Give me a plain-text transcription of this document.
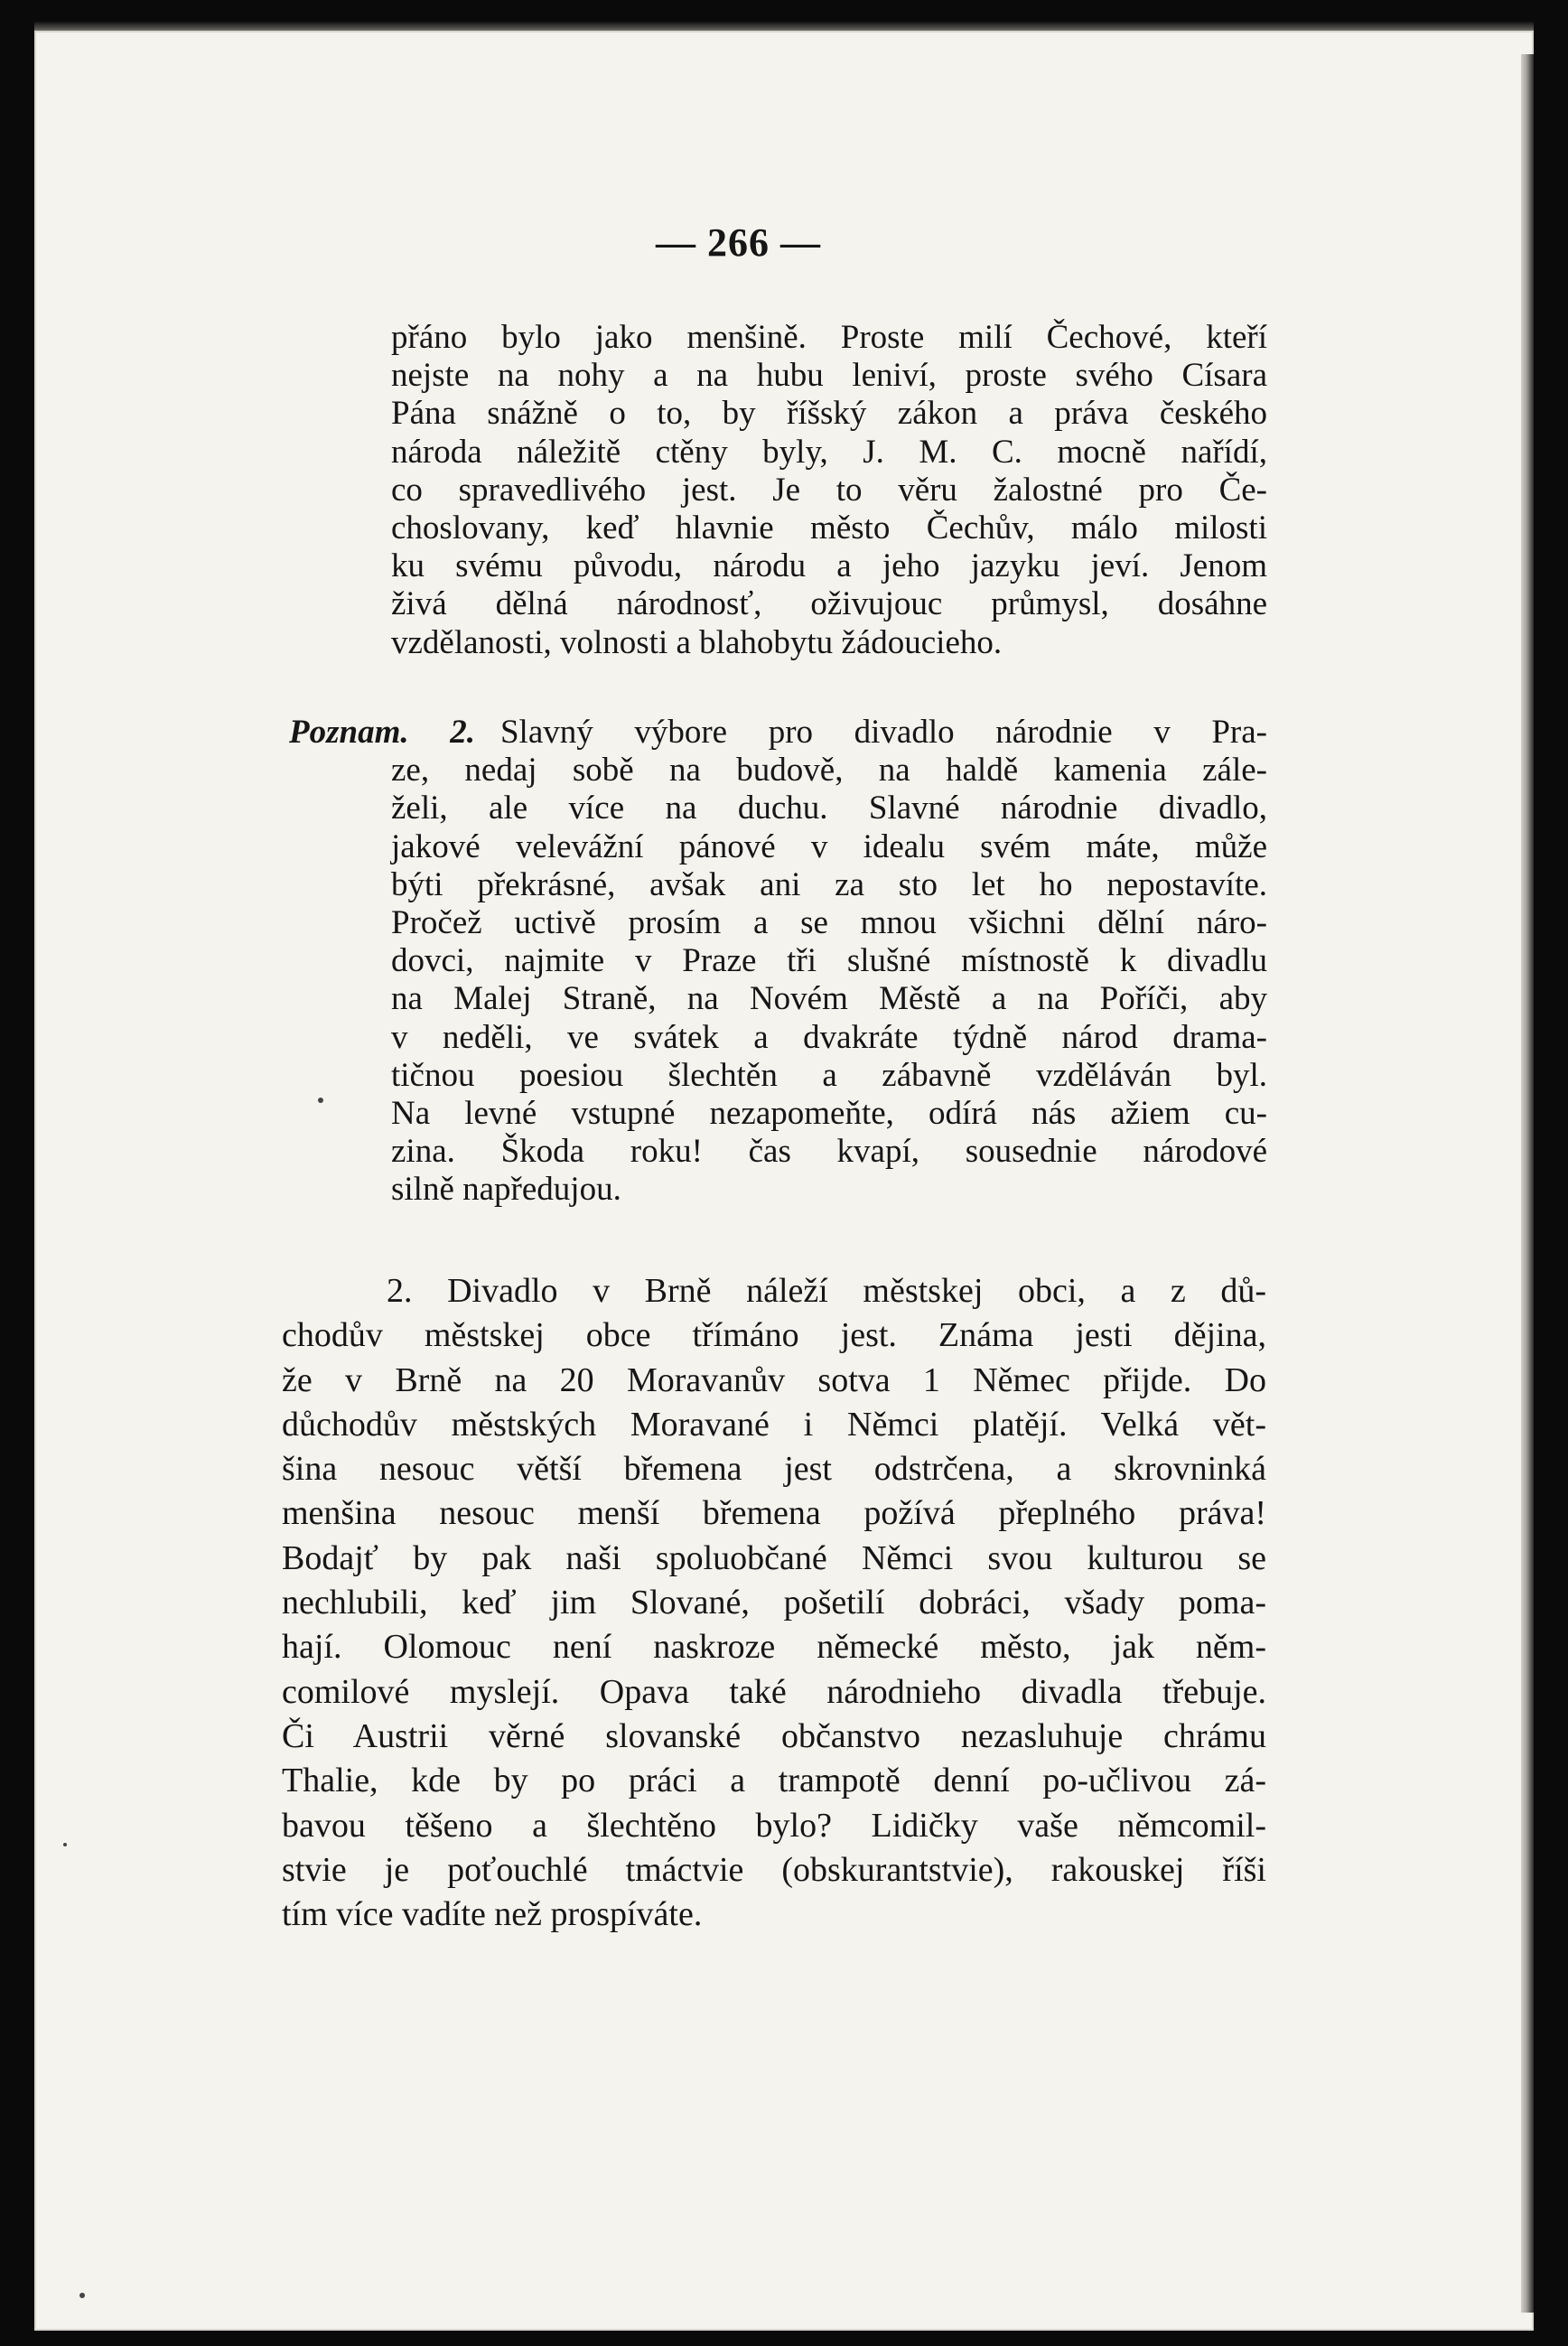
— 266 —
přáno bylo jako menšině. Proste milí Čechové, kteří
nejste na nohy a na hubu leniví, proste svého Císara
Pána snážně o to, by říšský zákon a práva českého
národa náležitě ctěny byly, J. M. C. mocně nařídí,
co spravedlivého jest. Je to věru žalostné pro Če-
choslovany, keď hlavnie město Čechův, málo milosti
ku svému původu, národu a jeho jazyku jeví. Jenom
živá dělná národnosť, oživujouc průmysl, dosáhne
vzdělanosti, volnosti a blahobytu žádoucieho.
Poznam. 2. Slavný výbore pro divadlo národnie v Pra-
ze, nedaj sobě na budově, na haldě kamenia zále-
želi, ale více na duchu. Slavné národnie divadlo,
jakové velevážní pánové v idealu svém máte, může
býti překrásné, avšak ani za sto let ho nepostavíte.
Pročež uctivě prosím a se mnou všichni dělní náro-
dovci, najmite v Praze tři slušné místnostě k divadlu
na Malej Straně, na Novém Městě a na Poříči, aby
v neděli, ve svátek a dvakráte týdně národ drama-
tičnou poesiou šlechtěn a zábavně vzděláván byl.
Na levné vstupné nezapomeňte, odírá nás ažiem cu-
zina. Škoda roku! čas kvapí, sousednie národové
silně napředujou.
2. Divadlo v Brně náleží městskej obci, a z dů-
chodův městskej obce třímáno jest. Známa jesti dějina,
že v Brně na 20 Moravanův sotva 1 Němec přijde. Do
důchodův městských Moravané i Němci platějí. Velká vět-
šina nesouc větší břemena jest odstrčena, a skrovninká
menšina nesouc menší břemena požívá přeplného práva!
Bodajť by pak naši spoluobčané Němci svou kulturou se
nechlubili, keď jim Slované, pošetilí dobráci, všady poma-
hají. Olomouc není naskroze německé město, jak něm-
comilové myslejí. Opava také národnieho divadla třebuje.
Či Austrii věrné slovanské občanstvo nezasluhuje chrámu
Thalie, kde by po práci a trampotě denní po-učlivou zá-
bavou těšeno a šlechtěno bylo? Lidičky vaše němcomil-
stvie je poťouchlé tmáctvie (obskurantstvie), rakouskej říši
tím více vadíte než prospíváte.
